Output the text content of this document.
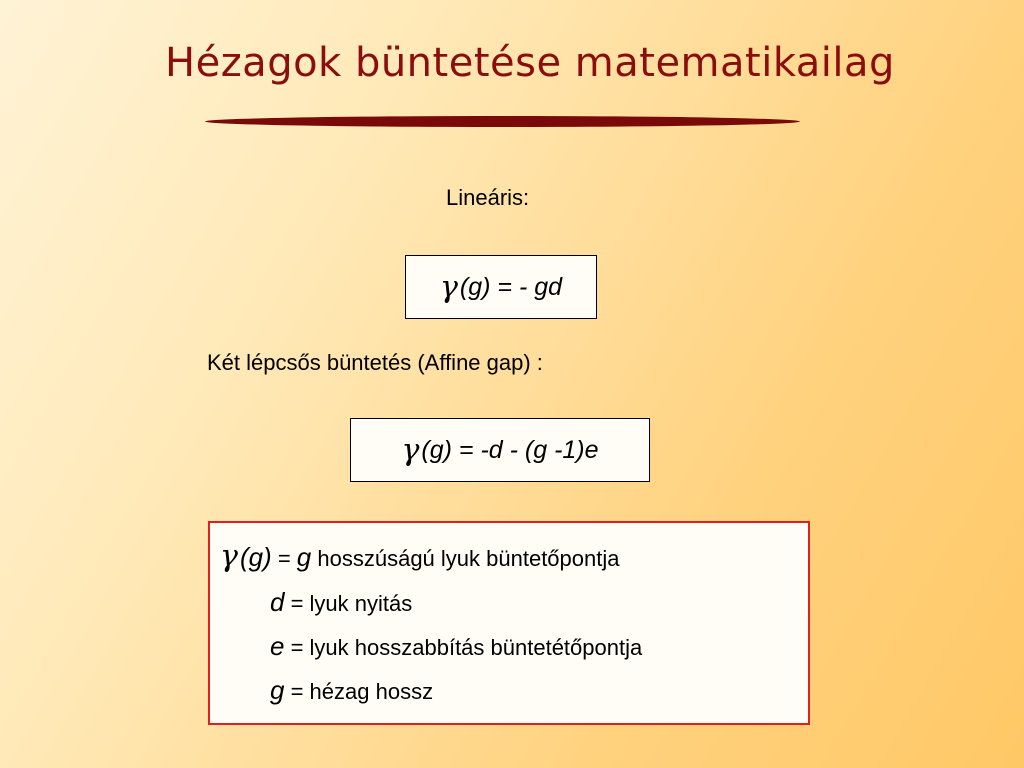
Hézagok büntetése matematikailag
Lineáris:
γ (g) = - gd
Két lépcsős büntetés (Affine gap) :
γ (g) = -d - (g -1)e
γ(g) = g hosszúságú lyuk büntetőpontja
d = lyuk nyitás
e = lyuk hosszabbítás büntetétőpontja
g = hézag hossz
